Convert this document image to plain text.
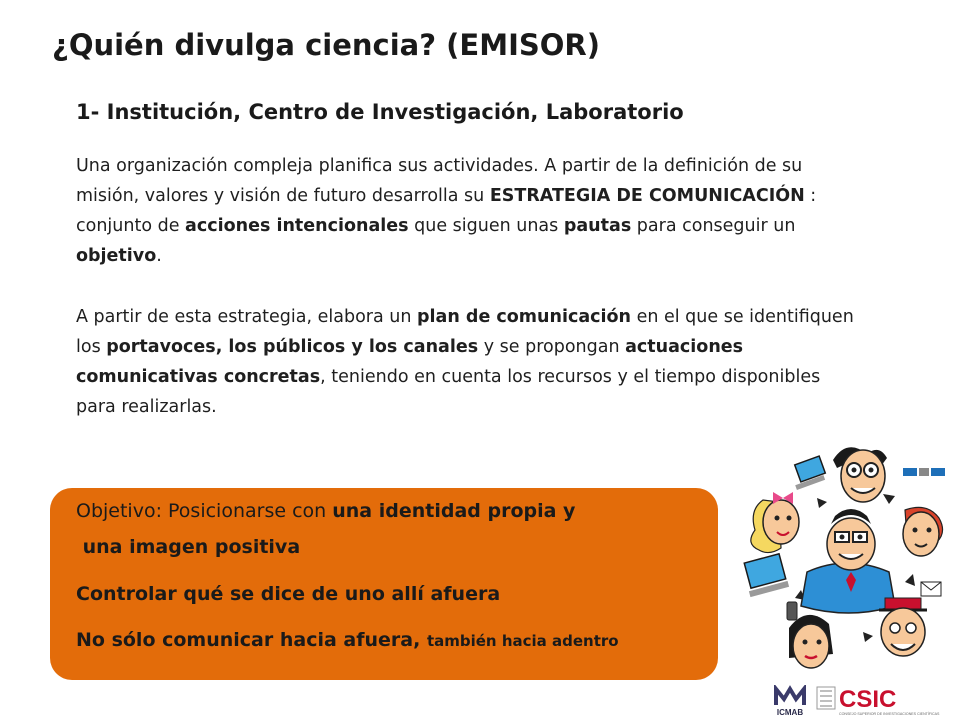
¿Quién divulga ciencia? (EMISOR)
1- Institución, Centro de Investigación, Laboratorio
Una organización compleja planifica sus actividades. A partir de la definición de su misión, valores y visión de futuro desarrolla su ESTRATEGIA DE COMUNICACIÓN : conjunto de acciones intencionales que siguen unas pautas para conseguir un objetivo.
A partir de esta estrategia, elabora un plan de comunicación en el que se identifiquen los portavoces, los públicos y los canales y se propongan actuaciones comunicativas concretas, teniendo en cuenta los recursos y el tiempo disponibles para realizarlas.
Objetivo: Posicionarse con una identidad propia y
una imagen positiva
Controlar qué se dice de uno allí afuera
No sólo comunicar hacia afuera, también hacia adentro
ICMAB CSIC
CONSEJO SUPERIOR DE INVESTIGACIONES CIENTÍFICAS
